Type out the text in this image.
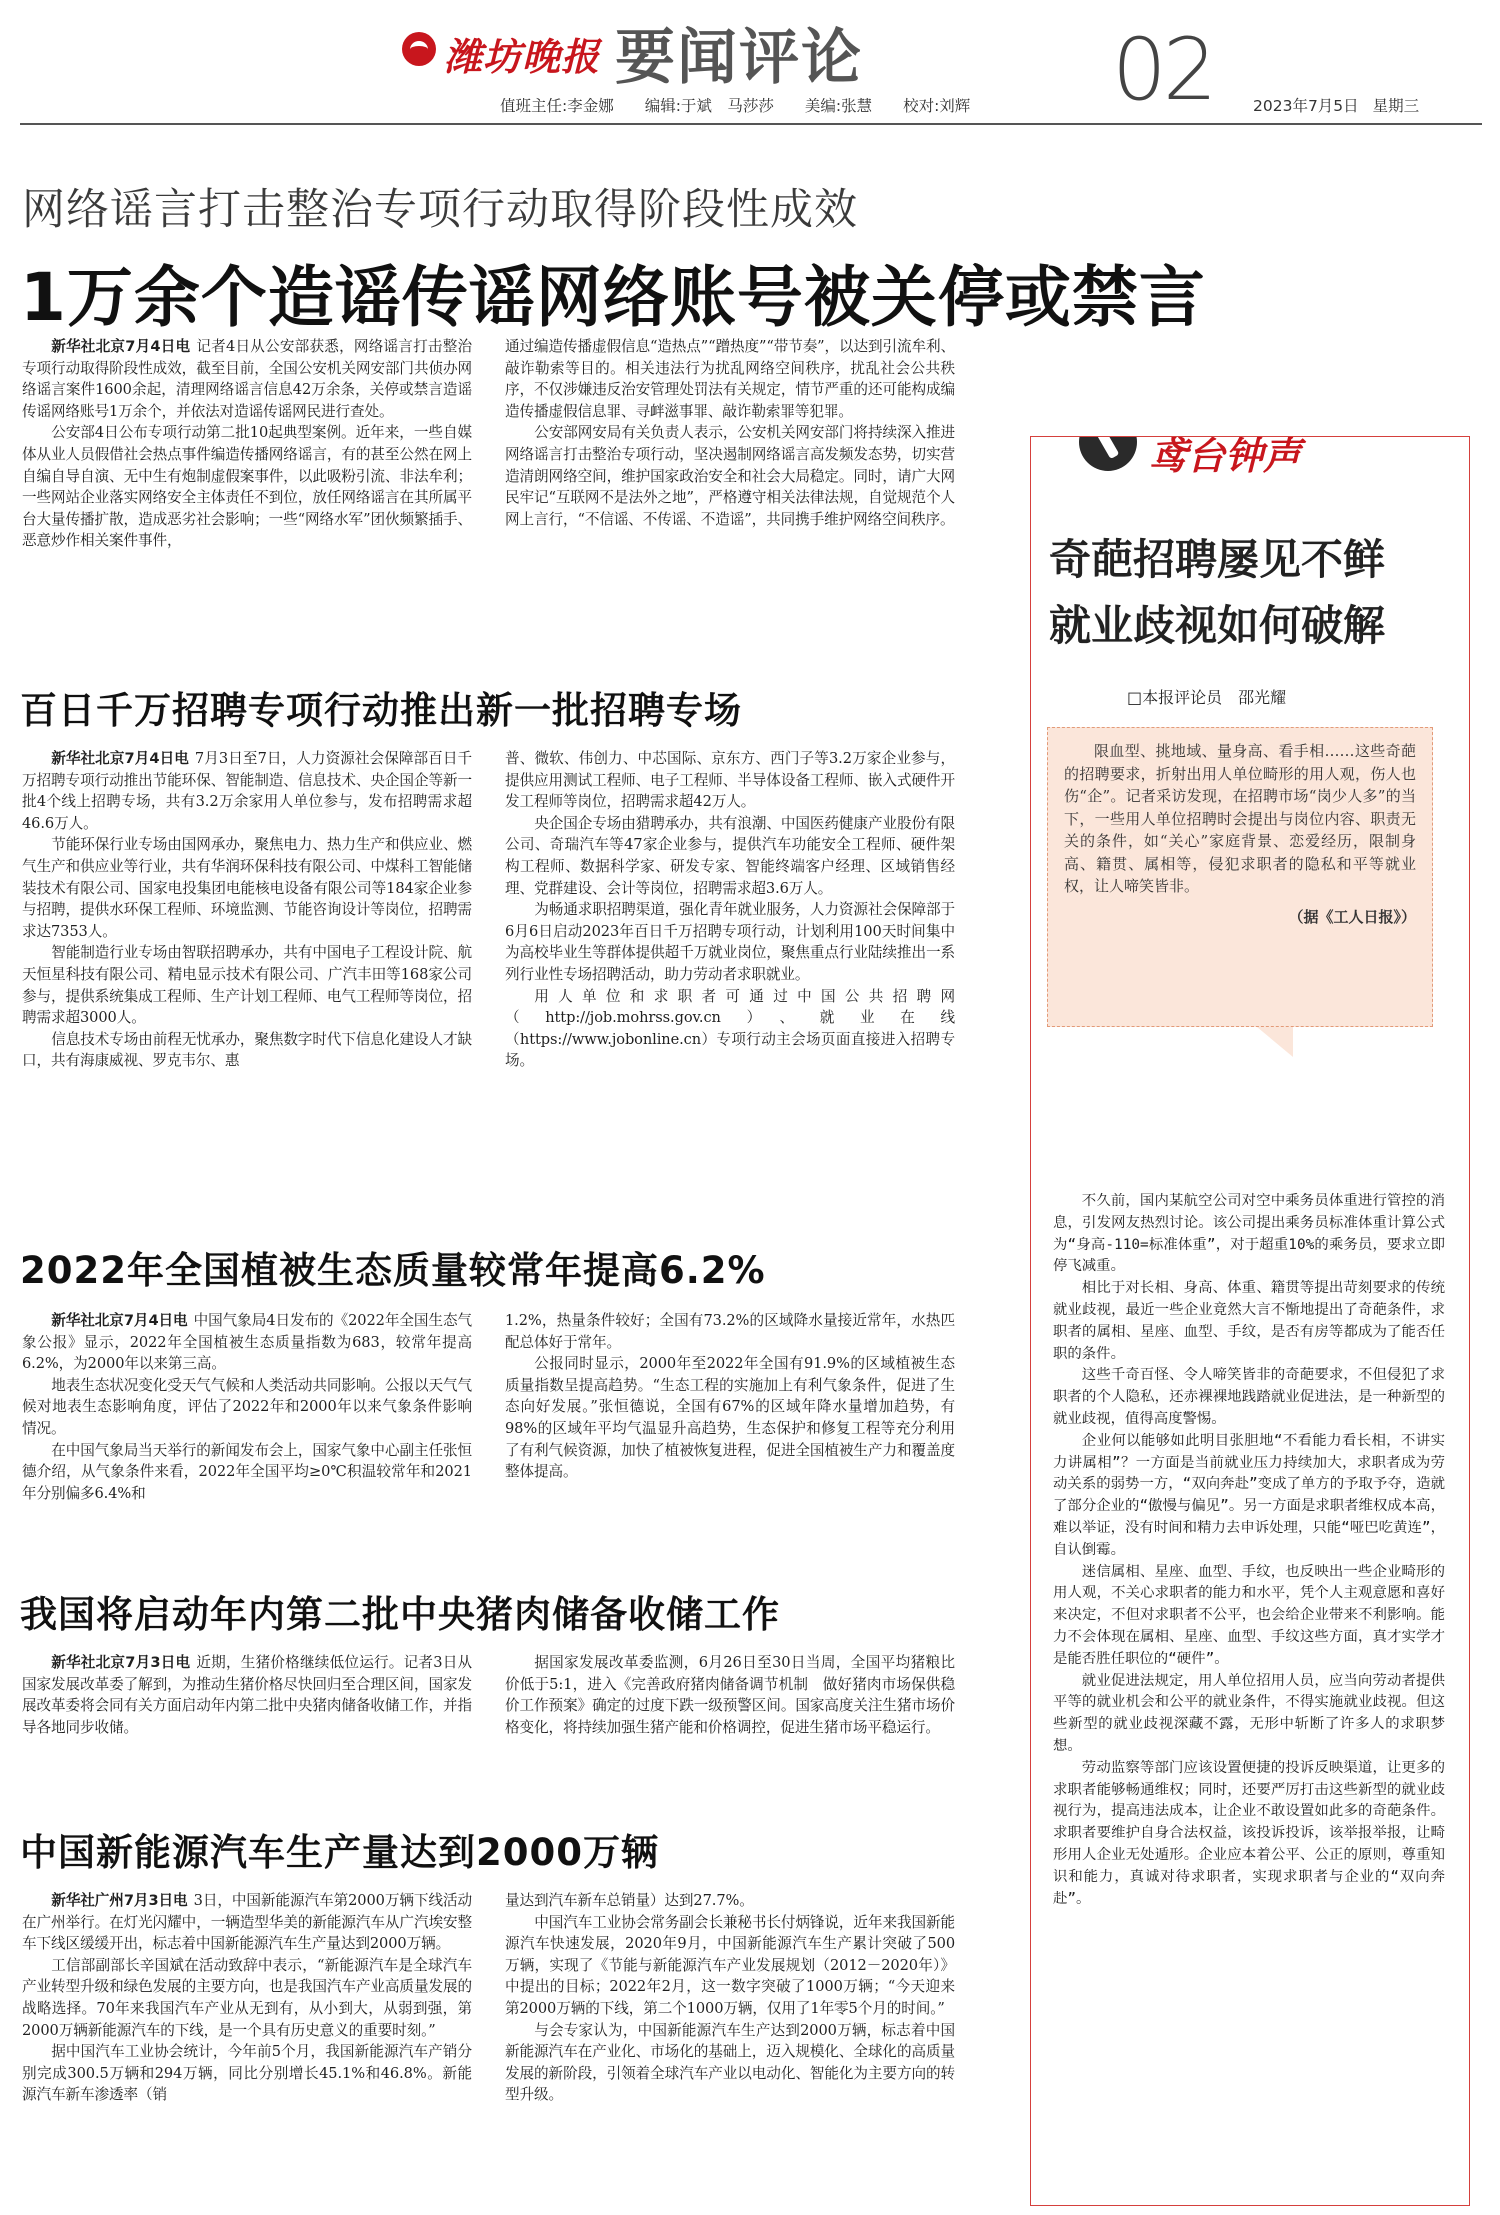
潍坊晚报 要闻评论
值班主任:李金娜 编辑:于斌　马莎莎 美编:张慧 校对:刘辉 02	2023年7月5日 星期三
网络谣言打击整治专项行动取得阶段性成效
1万余个造谣传谣网络账号被关停或禁言

新华社北京7月4日电 记者4日从公安部获悉，网络谣言打击整治专项行动取得阶段性成效，截至目前，全国公安机关网安部门共侦办网络谣言案件1600余起，清理网络谣言信息42万余条，关停或禁言造谣传谣网络账号1万余个，并依法对造谣传谣网民进行查处。

公安部4日公布专项行动第二批10起典型案例。近年来，一些自媒体从业人员假借社会热点事件编造传播网络谣言，有的甚至公然在网上自编自导自演、无中生有炮制虚假案事件，以此吸粉引流、非法牟利；一些网站企业落实网络安全主体责任不到位，放任网络谣言在其所属平台大量传播扩散，造成恶劣社会影响；一些“网络水军”团伙频繁插手、恶意炒作相关案件事件，

通过编造传播虚假信息“造热点”“蹭热度”“带节奏”，以达到引流牟利、敲诈勒索等目的。相关违法行为扰乱网络空间秩序，扰乱社会公共秩序，不仅涉嫌违反治安管理处罚法有关规定，情节严重的还可能构成编造传播虚假信息罪、寻衅滋事罪、敲诈勒索罪等犯罪。

公安部网安局有关负责人表示，公安机关网安部门将持续深入推进网络谣言打击整治专项行动，坚决遏制网络谣言高发频发态势，切实营造清朗网络空间，维护国家政治安全和社会大局稳定。同时，请广大网民牢记“互联网不是法外之地”，严格遵守相关法律法规，自觉规范个人网上言行，“不信谣、不传谣、不造谣”，共同携手维护网络空间秩序。

百日千万招聘专项行动推出新一批招聘专场

新华社北京7月4日电 7月3日至7日，人力资源社会保障部百日千万招聘专项行动推出节能环保、智能制造、信息技术、央企国企等新一批4个线上招聘专场，共有3.2万余家用人单位参与，发布招聘需求超46.6万人。

节能环保行业专场由国网承办，聚焦电力、热力生产和供应业、燃气生产和供应业等行业，共有华润环保科技有限公司、中煤科工智能储装技术有限公司、国家电投集团电能核电设备有限公司等184家企业参与招聘，提供水环保工程师、环境监测、节能咨询设计等岗位，招聘需求达7353人。

智能制造行业专场由智联招聘承办，共有中国电子工程设计院、航天恒星科技有限公司、精电显示技术有限公司、广汽丰田等168家公司参与，提供系统集成工程师、生产计划工程师、电气工程师等岗位，招聘需求超3000人。

信息技术专场由前程无忧承办，聚焦数字时代下信息化建设人才缺口，共有海康威视、罗克韦尔、惠

普、微软、伟创力、中芯国际、京东方、西门子等3.2万家企业参与，提供应用测试工程师、电子工程师、半导体设备工程师、嵌入式硬件开发工程师等岗位，招聘需求超42万人。

央企国企专场由猎聘承办，共有浪潮、中国医药健康产业股份有限公司、奇瑞汽车等47家企业参与，提供汽车功能安全工程师、硬件架构工程师、数据科学家、研发专家、智能终端客户经理、区域销售经理、党群建设、会计等岗位，招聘需求超3.6万人。

为畅通求职招聘渠道，强化青年就业服务，人力资源社会保障部于6月6日启动2023年百日千万招聘专项行动，计划利用100天时间集中为高校毕业生等群体提供超千万就业岗位，聚焦重点行业陆续推出一系列行业性专场招聘活动，助力劳动者求职就业。

用人单位和求职者可通过中国公共招聘网（http://job.mohrss.gov.cn）、就业在线（https://www.jobonline.cn）专项行动主会场页面直接进入招聘专场。

2022年全国植被生态质量较常年提高6.2%

新华社北京7月4日电 中国气象局4日发布的《2022年全国生态气象公报》显示，2022年全国植被生态质量指数为683，较常年提高6.2%，为2000年以来第三高。

地表生态状况变化受天气气候和人类活动共同影响。公报以天气气候对地表生态影响角度，评估了2022年和2000年以来气象条件影响情况。

在中国气象局当天举行的新闻发布会上，国家气象中心副主任张恒德介绍，从气象条件来看，2022年全国平均≥0℃积温较常年和2021年分别偏多6.4%和

1.2%，热量条件较好；全国有73.2%的区域降水量接近常年，水热匹配总体好于常年。

公报同时显示，2000年至2022年全国有91.9%的区域植被生态质量指数呈提高趋势。“生态工程的实施加上有利气象条件，促进了生态向好发展。”张恒德说，全国有67%的区域年降水量增加趋势，有98%的区域年平均气温显升高趋势，生态保护和修复工程等充分利用了有利气候资源，加快了植被恢复进程，促进全国植被生产力和覆盖度整体提高。

我国将启动年内第二批中央猪肉储备收储工作

新华社北京7月3日电 近期，生猪价格继续低位运行。记者3日从国家发展改革委了解到，为推动生猪价格尽快回归至合理区间，国家发展改革委将会同有关方面启动年内第二批中央猪肉储备收储工作，并指导各地同步收储。

据国家发展改革委监测，6月26日至30日当周，全国平均猪粮比价低于5:1，进入《完善政府猪肉储备调节机制　做好猪肉市场保供稳价工作预案》确定的过度下跌一级预警区间。国家高度关注生猪市场价格变化，将持续加强生猪产能和价格调控，促进生猪市场平稳运行。

中国新能源汽车生产量达到2000万辆

新华社广州7月3日电 3日，中国新能源汽车第2000万辆下线活动在广州举行。在灯光闪耀中，一辆造型华美的新能源汽车从广汽埃安整车下线区缓缓开出，标志着中国新能源汽车生产量达到2000万辆。

工信部副部长辛国斌在活动致辞中表示，“新能源汽车是全球汽车产业转型升级和绿色发展的主要方向，也是我国汽车产业高质量发展的战略选择。70年来我国汽车产业从无到有，从小到大，从弱到强，第2000万辆新能源汽车的下线，是一个具有历史意义的重要时刻。”

据中国汽车工业协会统计，今年前5个月，我国新能源汽车产销分别完成300.5万辆和294万辆，同比分别增长45.1%和46.8%。新能源汽车新车渗透率（销

量达到汽车新车总销量）达到27.7%。

中国汽车工业协会常务副会长兼秘书长付炳锋说，近年来我国新能源汽车快速发展，2020年9月，中国新能源汽车生产累计突破了500万辆，实现了《节能与新能源汽车产业发展规划（2012－2020年）》中提出的目标；2022年2月，这一数字突破了1000万辆；“今天迎来第2000万辆的下线，第二个1000万辆，仅用了1年零5个月的时间。”

与会专家认为，中国新能源汽车生产达到2000万辆，标志着中国新能源汽车在产业化、市场化的基础上，迈入规模化、全球化的高质量发展的新阶段，引领着全球汽车产业以电动化、智能化为主要方向的转型升级。

鸢台钟声
奇葩招聘屡见不鲜
就业歧视如何破解
□本报评论员　邵光耀

限血型、挑地域、量身高、看手相……这些奇葩的招聘要求，折射出用人单位畸形的用人观，伤人也伤“企”。记者采访发现，在招聘市场“岗少人多”的当下，一些用人单位招聘时会提出与岗位内容、职责无关的条件，如“关心”家庭背景、恋爱经历，限制身高、籍贯、属相等，侵犯求职者的隐私和平等就业权，让人啼笑皆非。

（据《工人日报》）

不久前，国内某航空公司对空中乘务员体重进行管控的消息，引发网友热烈讨论。该公司提出乘务员标准体重计算公式为“身高-110=标准体重”，对于超重10%的乘务员，要求立即停飞减重。

相比于对长相、身高、体重、籍贯等提出苛刻要求的传统就业歧视，最近一些企业竟然大言不惭地提出了奇葩条件，求职者的属相、星座、血型、手纹，是否有房等都成为了能否任职的条件。

这些千奇百怪、令人啼笑皆非的奇葩要求，不但侵犯了求职者的个人隐私，还赤裸裸地践踏就业促进法，是一种新型的就业歧视，值得高度警惕。

企业何以能够如此明目张胆地“不看能力看长相，不讲实力讲属相”？一方面是当前就业压力持续加大，求职者成为劳动关系的弱势一方，“双向奔赴”变成了单方的予取予夺，造就了部分企业的“傲慢与偏见”。另一方面是求职者维权成本高，难以举证，没有时间和精力去申诉处理，只能“哑巴吃黄连”，自认倒霉。

迷信属相、星座、血型、手纹，也反映出一些企业畸形的用人观，不关心求职者的能力和水平，凭个人主观意愿和喜好来决定，不但对求职者不公平，也会给企业带来不利影响。能力不会体现在属相、星座、血型、手纹这些方面，真才实学才是能否胜任职位的“硬件”。

就业促进法规定，用人单位招用人员，应当向劳动者提供平等的就业机会和公平的就业条件，不得实施就业歧视。但这些新型的就业歧视深藏不露，无形中斩断了许多人的求职梦想。

劳动监察等部门应该设置便捷的投诉反映渠道，让更多的求职者能够畅通维权；同时，还要严厉打击这些新型的就业歧视行为，提高违法成本，让企业不敢设置如此多的奇葩条件。求职者要维护自身合法权益，该投诉投诉，该举报举报，让畸形用人企业无处遁形。企业应本着公平、公正的原则，尊重知识和能力，真诚对待求职者，实现求职者与企业的“双向奔赴”。
